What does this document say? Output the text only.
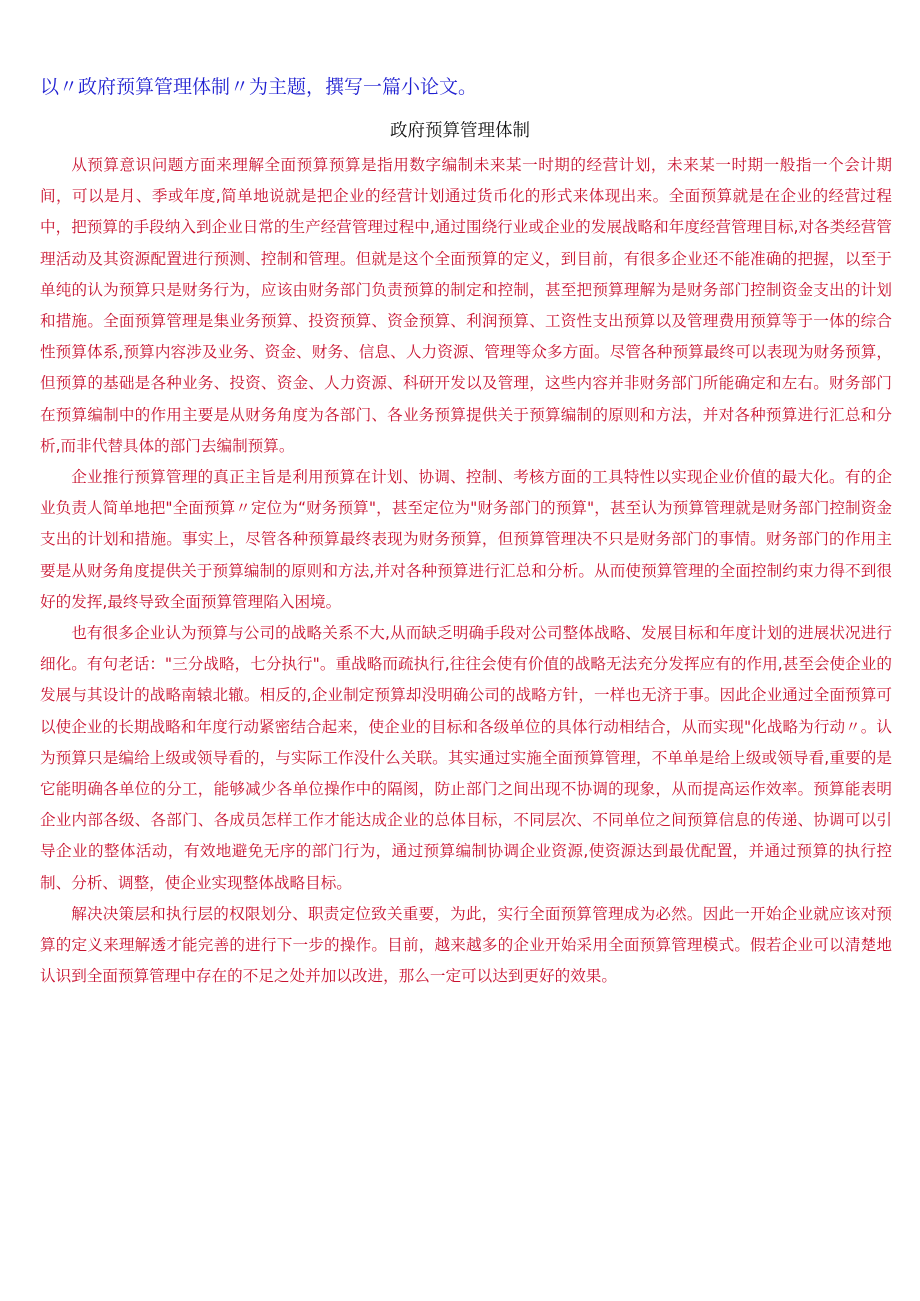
以〃政府预算管理体制〃为主题，撰写一篇小论文。
政府预算管理体制

从预算意识问题方面来理解全面预算预算是指用数字编制未来某一时期的经营计划，未来某一时期一般指一个会计期间，可以是月、季或年度,简单地说就是把企业的经营计划通过货币化的形式来体现出来。全面预算就是在企业的经营过程中，把预算的手段纳入到企业日常的生产经营管理过程中,通过围绕行业或企业的发展战略和年度经营管理目标,对各类经营管理活动及其资源配置进行预测、控制和管理。但就是这个全面预算的定义，到目前，有很多企业还不能准确的把握，以至于单纯的认为预算只是财务行为，应该由财务部门负责预算的制定和控制，甚至把预算理解为是财务部门控制资金支出的计划和措施。全面预算管理是集业务预算、投资预算、资金预算、利润预算、工资性支出预算以及管理费用预算等于一体的综合性预算体系,预算内容涉及业务、资金、财务、信息、人力资源、管理等众多方面。尽管各种预算最终可以表现为财务预算，但预算的基础是各种业务、投资、资金、人力资源、科研开发以及管理，这些内容并非财务部门所能确定和左右。财务部门在预算编制中的作用主要是从财务角度为各部门、各业务预算提供关于预算编制的原则和方法，并对各种预算进行汇总和分析,而非代替具体的部门去编制预算。

企业推行预算管理的真正主旨是利用预算在计划、协调、控制、考核方面的工具特性以实现企业价值的最大化。有的企业负责人简单地把"全面预算〃定位为“财务预算"，甚至定位为"财务部门的预算"，甚至认为预算管理就是财务部门控制资金支出的计划和措施。事实上，尽管各种预算最终表现为财务预算，但预算管理决不只是财务部门的事情。财务部门的作用主要是从财务角度提供关于预算编制的原则和方法,并对各种预算进行汇总和分析。从而使预算管理的全面控制约束力得不到很好的发挥,最终导致全面预算管理陷入困境。

也有很多企业认为预算与公司的战略关系不大,从而缺乏明确手段对公司整体战略、发展目标和年度计划的进展状况进行细化。有句老话："三分战略，七分执行"。重战略而疏执行,往往会使有价值的战略无法充分发挥应有的作用,甚至会使企业的发展与其设计的战略南辕北辙。相反的,企业制定预算却没明确公司的战略方针，一样也无济于事。因此企业通过全面预算可以使企业的长期战略和年度行动紧密结合起来，使企业的目标和各级单位的具体行动相结合，从而实现"化战略为行动〃。认为预算只是编给上级或领导看的，与实际工作没什么关联。其实通过实施全面预算管理，不单单是给上级或领导看,重要的是它能明确各单位的分工，能够减少各单位操作中的隔阂，防止部门之间出现不协调的现象，从而提高运作效率。预算能表明企业内部各级、各部门、各成员怎样工作才能达成企业的总体目标，不同层次、不同单位之间预算信息的传递、协调可以引导企业的整体活动，有效地避免无序的部门行为，通过预算编制协调企业资源,使资源达到最优配置，并通过预算的执行控制、分析、调整，使企业实现整体战略目标。

解决决策层和执行层的权限划分、职责定位致关重要，为此，实行全面预算管理成为必然。因此一开始企业就应该对预算的定义来理解透才能完善的进行下一步的操作。目前，越来越多的企业开始采用全面预算管理模式。假若企业可以清楚地认识到全面预算管理中存在的不足之处并加以改进，那么一定可以达到更好的效果。
